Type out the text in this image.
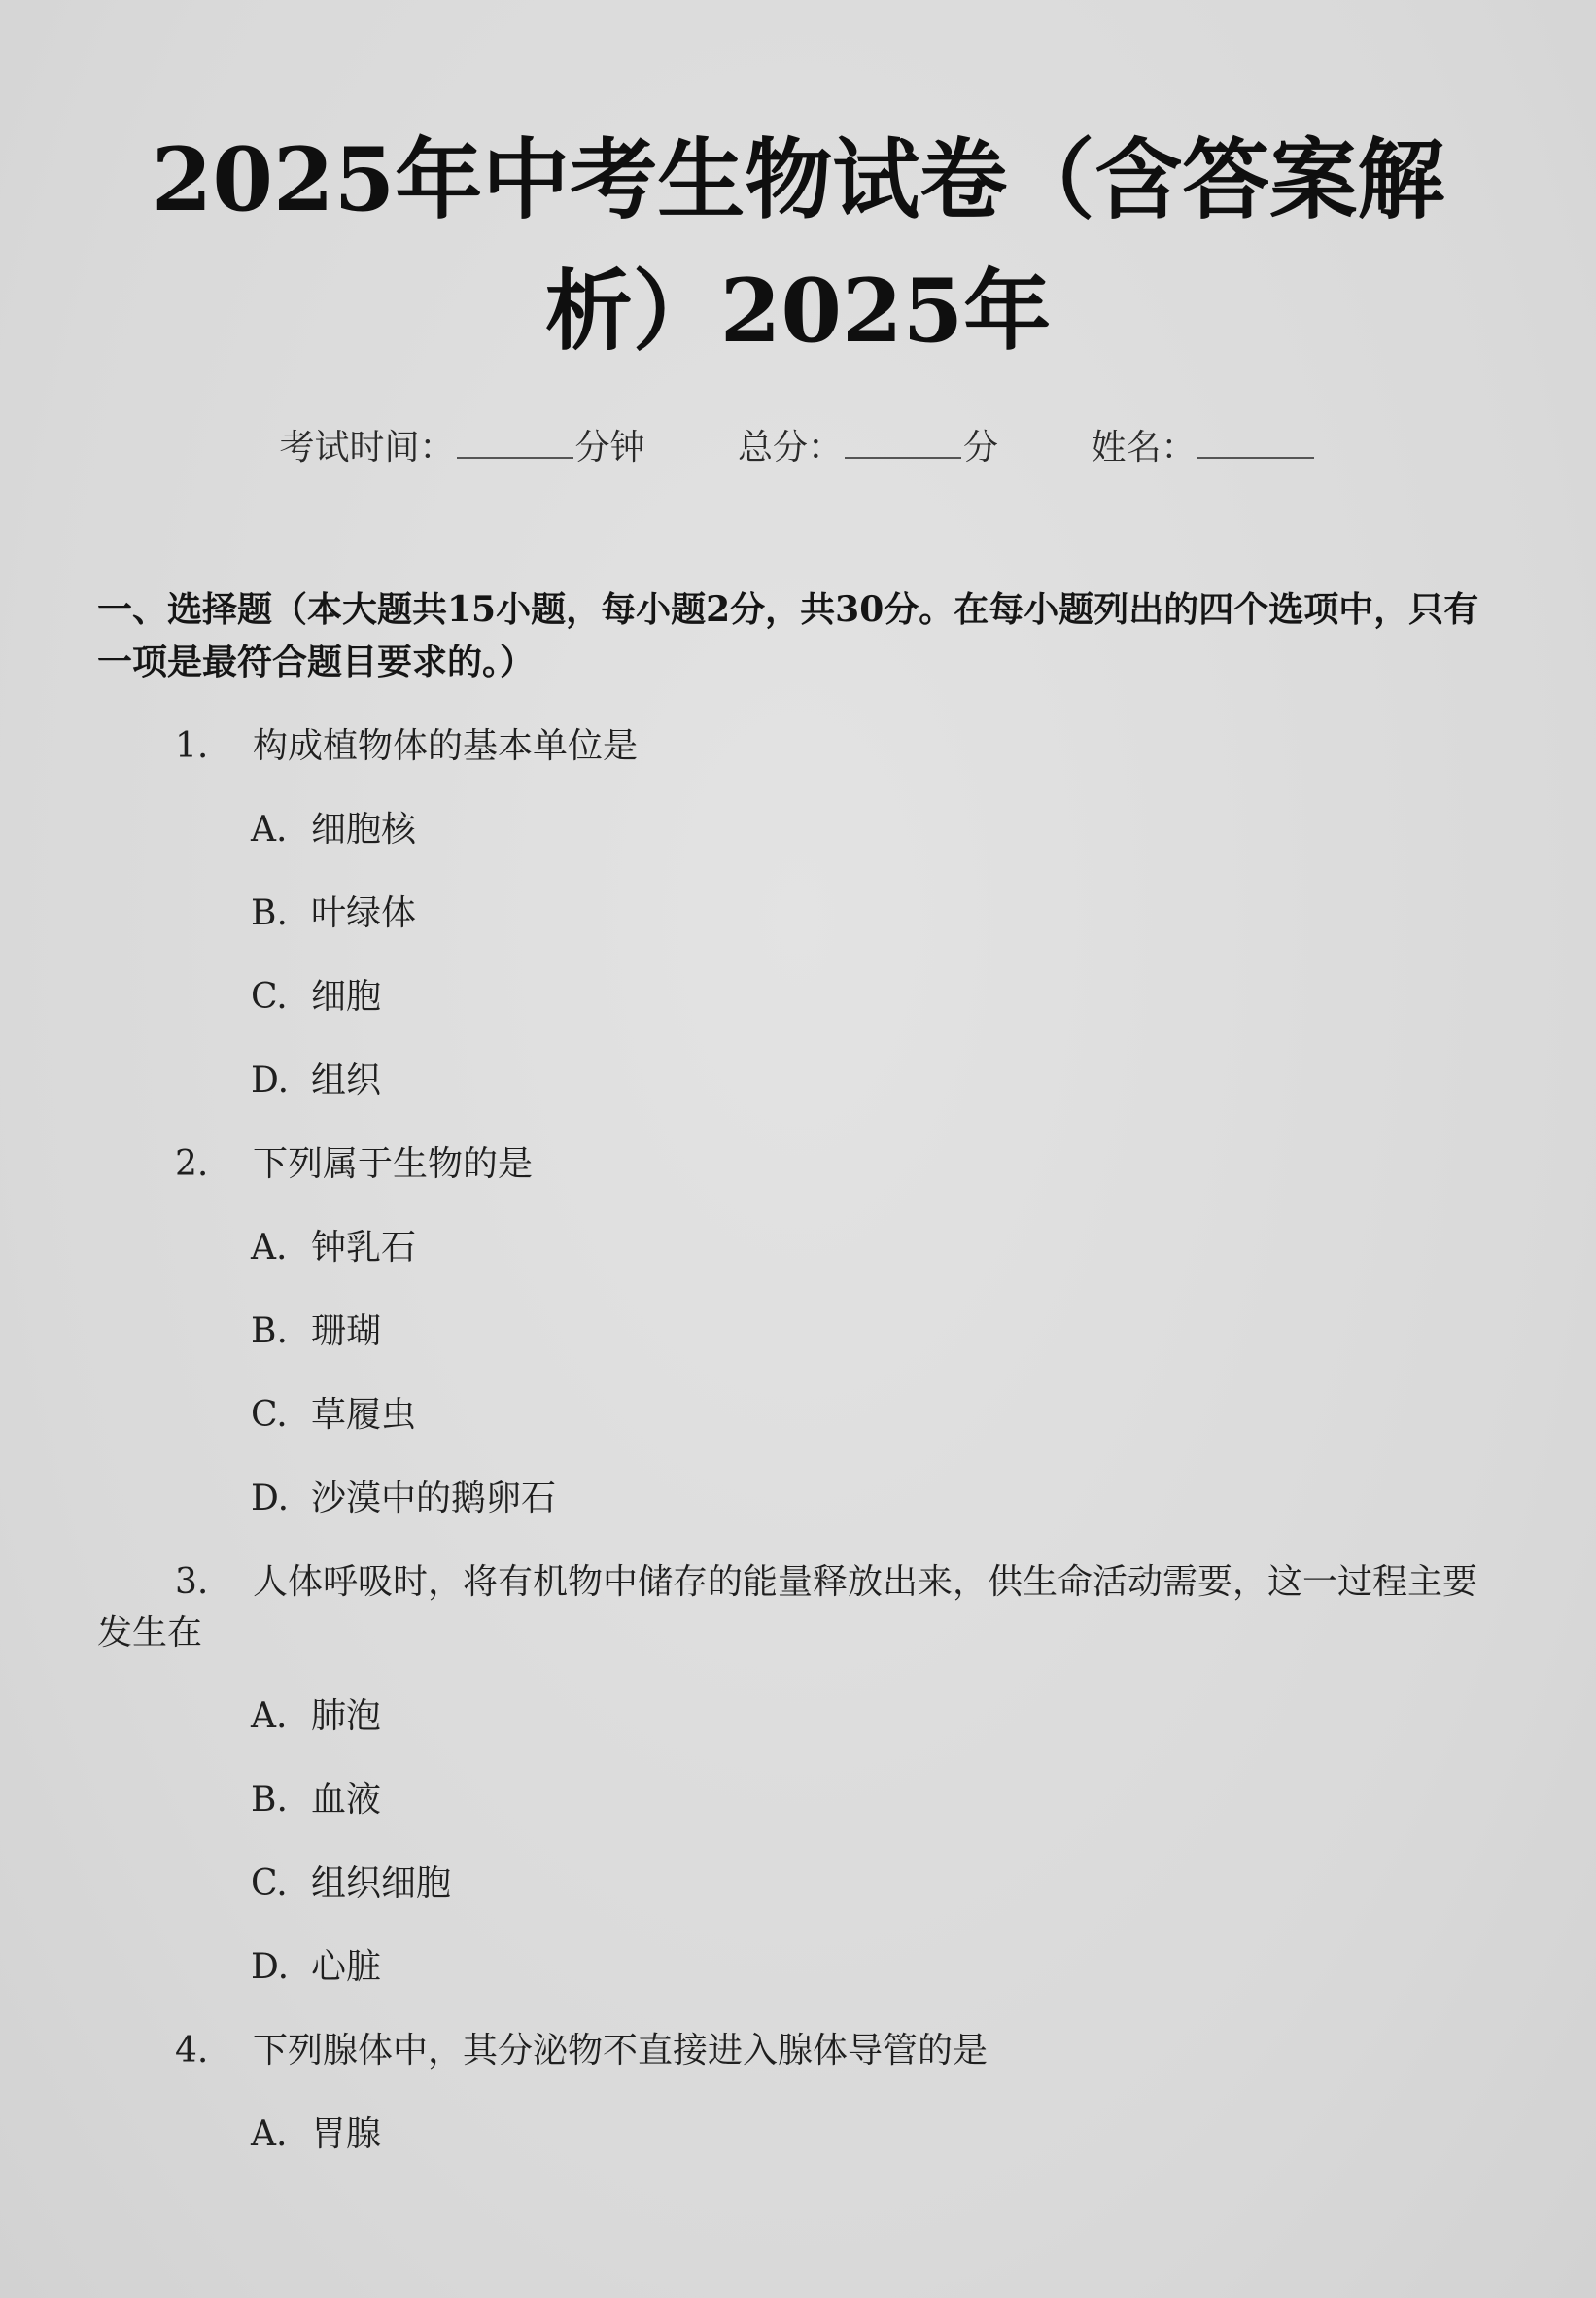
2025年中考生物试卷（含答案解析）2025年
考试时间：	分钟	总分：	分	姓名：
一、选择题（本大题共15小题，每小题2分，共30分。在每小题列出的四个选项中，只有一项是最符合题目要求的。）
1. 构成植物体的基本单位是
A. 细胞核
B. 叶绿体
C. 细胞
D. 组织
2. 下列属于生物的是
A. 钟乳石
B. 珊瑚
C. 草履虫
D. 沙漠中的鹅卵石
3. 人体呼吸时，将有机物中储存的能量释放出来，供生命活动需要，这一过程主要发生在
A. 肺泡
B. 血液
C. 组织细胞
D. 心脏
4. 下列腺体中，其分泌物不直接进入腺体导管的是
A. 胃腺
